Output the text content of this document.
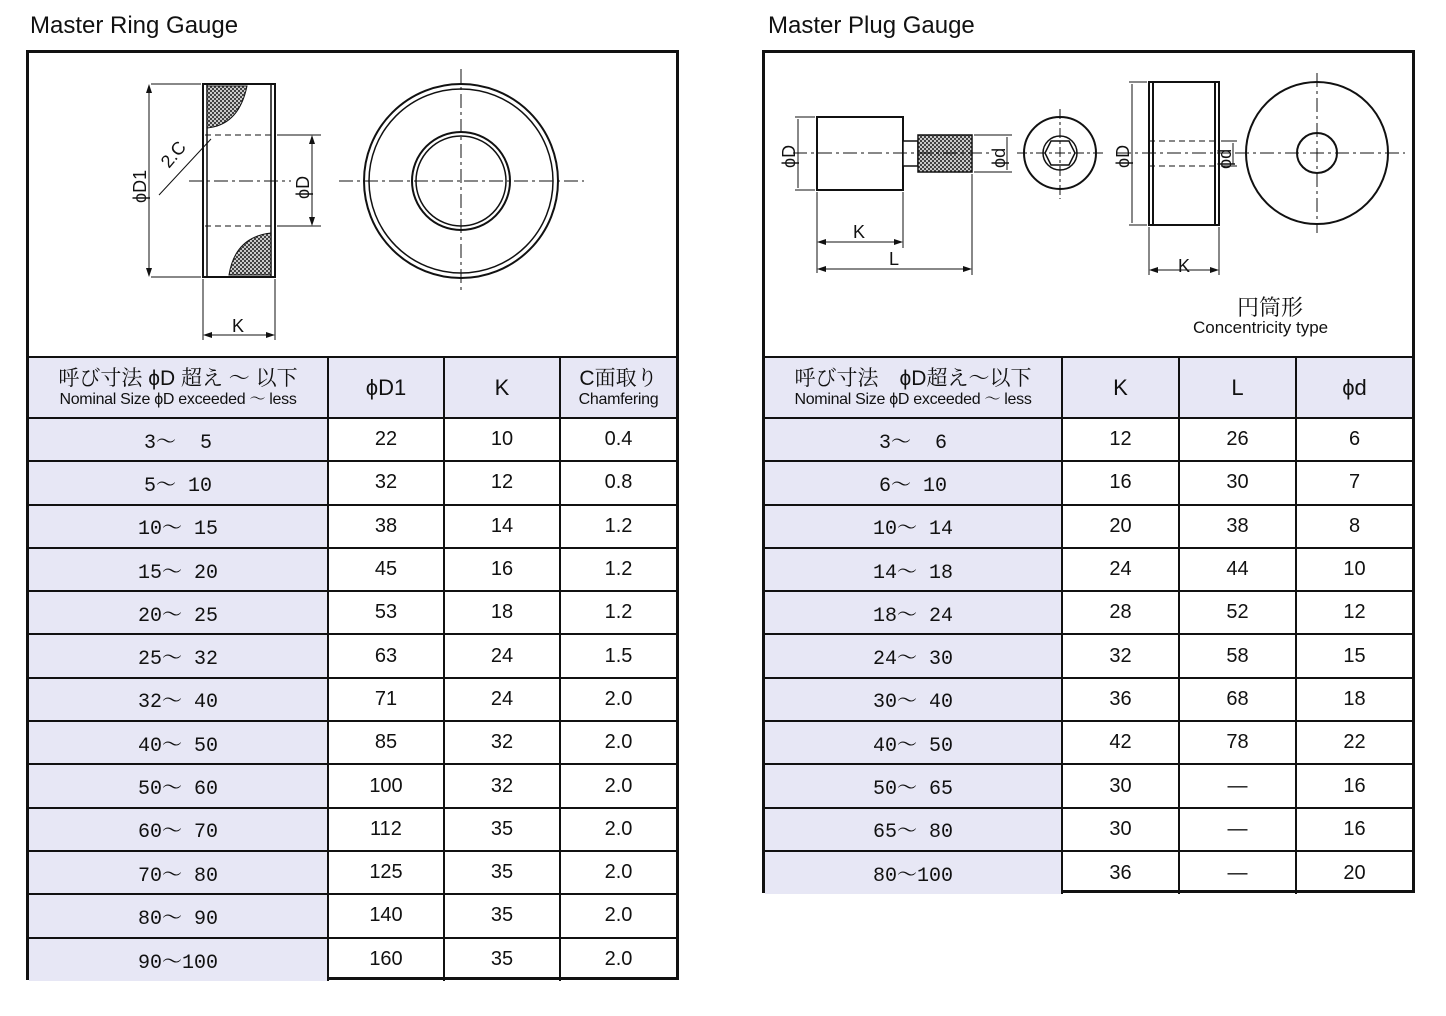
Master Ring Gauge
ϕD1
2.C
ϕD
K
呼び寸法 ϕD 超え ～ 以下
Nominal Size ϕD exceeded ～ less	ϕD1	K	C面取り
Chamfering

3～  5	22	10	0.4
5～ 10	32	12	0.8
10～ 15	38	14	1.2
15～ 20	45	16	1.2
20～ 25	53	18	1.2
25～ 32	63	24	1.5
32～ 40	71	24	2.0
40～ 50	85	32	2.0
50～ 60	100	32	2.0
60～ 70	112	35	2.0
70～ 80	125	35	2.0
80～ 90	140	35	2.0
90～100	160	35	2.0
Master Plug Gauge
ϕD	ϕd
K
L
ϕD	ϕd
K
円筒形
Concentricity type
呼び寸法　ϕD超え～以下
Nominal Size ϕD exceeded ～ less	K	L	ϕd
3～  6	12	26	6
6～ 10	16	30	7
10～ 14	20	38	8
14～ 18	24	44	10
18～ 24	28	52	12
24～ 30	32	58	15
30～ 40	36	68	18
40～ 50	42	78	22
50～ 65	30	—	16
65～ 80	30	—	16
80～100	36	—	20
